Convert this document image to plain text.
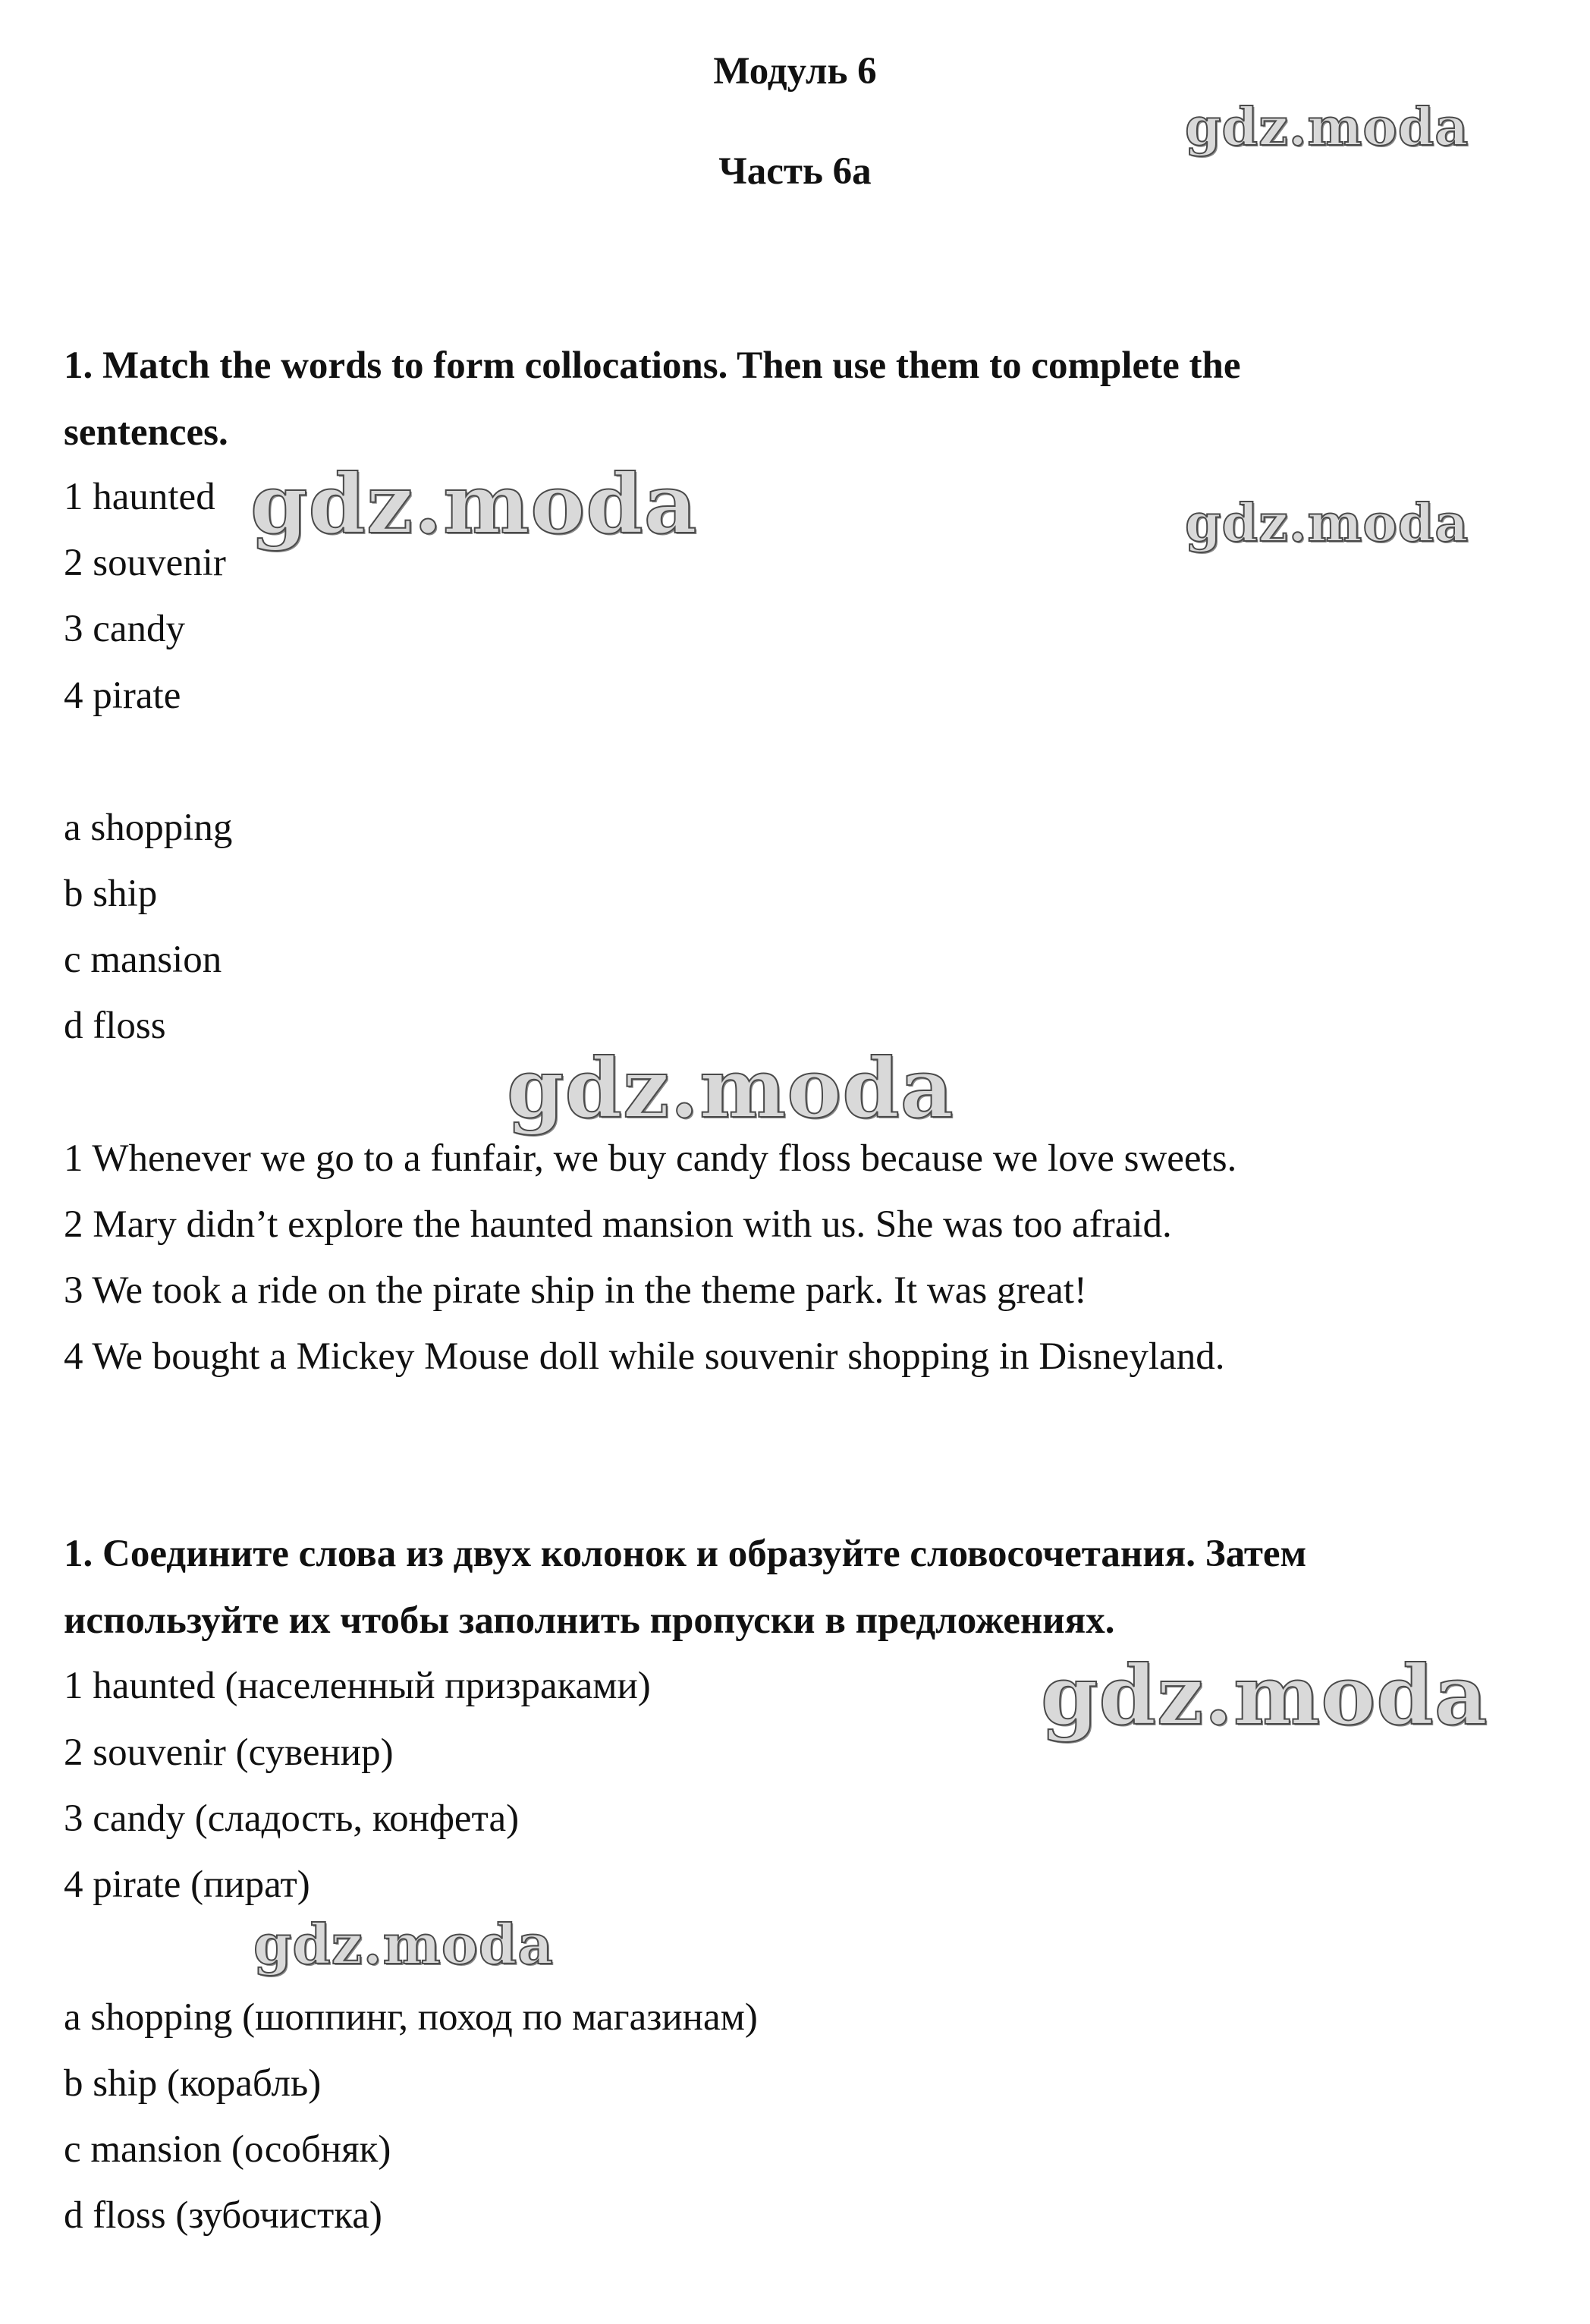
Модуль 6
Часть 6а
1. Match the words to form collocations. Then use them to complete the
sentences.
1 haunted
2 souvenir
3 candy
4 pirate
a shopping
b ship
c mansion
d floss
1 Whenever we go to a funfair, we buy candy floss because we love sweets.
2 Mary didn’t explore the haunted mansion with us. She was too afraid.
3 We took a ride on the pirate ship in the theme park. It was great!
4 We bought a Mickey Mouse doll while souvenir shopping in Disneyland.
1. Соедините слова из двух колонок и образуйте словосочетания. Затем
используйте их чтобы заполнить пропуски в предложениях.
1 haunted (населенный призраками)
2 souvenir (сувенир)
3 candy (сладость, конфета)
4 pirate (пират)
a shopping (шоппинг, поход по магазинам)
b ship (корабль)
c mansion (особняк)
d floss (зубочистка)
gdz.moda
gdz.moda	gdz.moda
gdz.moda
gdz.moda
gdz.moda
